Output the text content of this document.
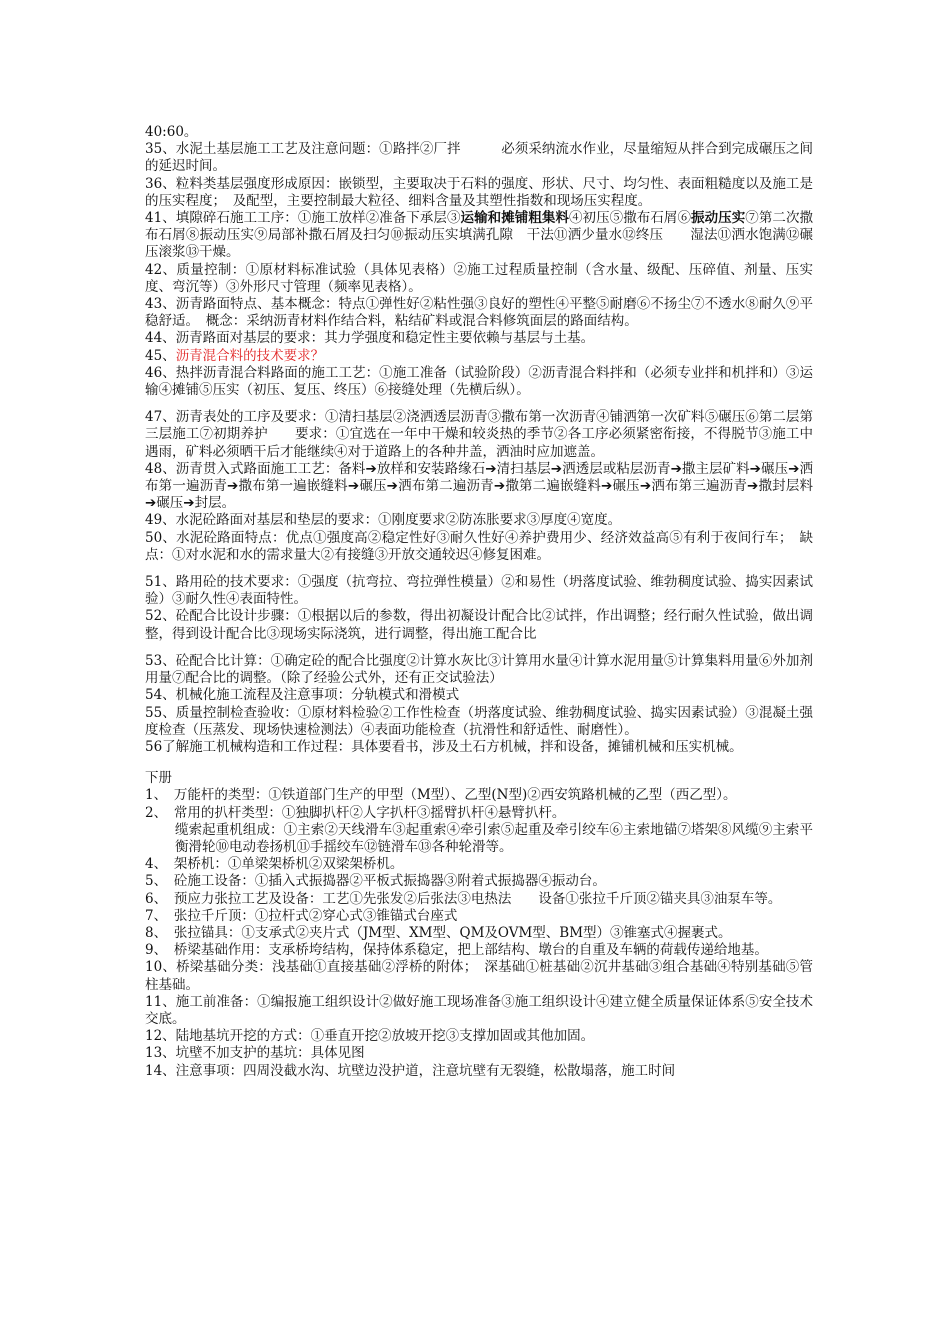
40:60。

35、水泥土基层施工工艺及注意问题：①路拌②厂拌　　　必须采纳流水作业，尽量缩短从拌合到完成碾压之间的延迟时间。

36、粒料类基层强度形成原因：嵌锁型，主要取决于石料的强度、形状、尺寸、均匀性、表面粗糙度以及施工是的压实程度；　及配型，主要控制最大粒径、细料含量及其塑性指数和现场压实程度。

41、填隙碎石施工工序：①施工放样②准备下承层③运输和摊铺粗集料④初压⑤撒布石屑⑥振动压实⑦第二次撒布石屑⑧振动压实⑨局部补撒石屑及扫匀⑩振动压实填满孔隙　干法⑪洒少量水⑫终压　　湿法⑪洒水饱满⑫碾压滚浆⑬干燥。

42、质量控制：①原材料标准试验（具体见表格）②施工过程质量控制（含水量、级配、压碎值、剂量、压实度、弯沉等）③外形尺寸管理（频率见表格）。

43、沥青路面特点、基本概念：特点①弹性好②粘性强③良好的塑性④平整⑤耐磨⑥不扬尘⑦不透水⑧耐久⑨平稳舒适。　概念：采纳沥青材料作结合料，粘结矿料或混合料修筑面层的路面结构。

44、沥青路面对基层的要求：其力学强度和稳定性主要依赖与基层与土基。

45、沥青混合料的技术要求？

46、热拌沥青混合料路面的施工工艺：①施工准备（试验阶段）②沥青混合料拌和（必须专业拌和机拌和）③运输④摊铺⑤压实（初压、复压、终压）⑥接缝处理（先横后纵）。

47、沥青表处的工序及要求：①清扫基层②浇洒透层沥青③撒布第一次沥青④铺洒第一次矿料⑤碾压⑥第二层第三层施工⑦初期养护　　要求：①宜选在一年中干燥和较炎热的季节②各工序必须紧密衔接，不得脱节③施工中遇雨，矿料必须晒干后才能继续④对于道路上的各种井盖，洒油时应加遮盖。

48、沥青贯入式路面施工工艺：备料➔放样和安装路缘石➔清扫基层➔洒透层或粘层沥青➔撒主层矿料➔碾压➔洒布第一遍沥青➔撒布第一遍嵌缝料➔碾压➔洒布第二遍沥青➔撒第二遍嵌缝料➔碾压➔洒布第三遍沥青➔撒封层料➔碾压➔封层。

49、水泥砼路面对基层和垫层的要求：①刚度要求②防冻胀要求③厚度④宽度。

50、水泥砼路面特点：优点①强度高②稳定性好③耐久性好④养护费用少、经济效益高⑤有利于夜间行车；　缺点：①对水泥和水的需求量大②有接缝③开放交通较迟④修复困难。

51、路用砼的技术要求：①强度（抗弯拉、弯拉弹性模量）②和易性（坍落度试验、维勃稠度试验、捣实因素试验）③耐久性④表面特性。

52、砼配合比设计步骤：①根据以后的参数，得出初凝设计配合比②试拌，作出调整；经行耐久性试验，做出调整，得到设计配合比③现场实际浇筑，进行调整，得出施工配合比

53、砼配合比计算：①确定砼的配合比强度②计算水灰比③计算用水量④计算水泥用量⑤计算集料用量⑥外加剂用量⑦配合比的调整。（除了经验公式外，还有正交试验法）

54、机械化施工流程及注意事项：分轨模式和滑模式

55、质量控制检查验收：①原材料检验②工作性检查（坍落度试验、维勃稠度试验、捣实因素试验）③混凝土强度检查（压蒸发、现场快速检测法）④表面功能检查（抗滑性和舒适性、耐磨性）。

56了解施工机械构造和工作过程：具体要看书，涉及土石方机械，拌和设备，摊铺机械和压实机械。

下册

1、　万能杆的类型：①铁道部门生产的甲型（M型）、乙型(N型)②西安筑路机械的乙型（西乙型）。

2、　常用的扒杆类型：①独脚扒杆②人字扒杆③摇臂扒杆④悬臂扒杆。

缆索起重机组成：①主索②天线滑车③起重索④牵引索⑤起重及牵引绞车⑥主索地锚⑦塔架⑧风缆⑨主索平衡滑轮⑩电动卷扬机⑪手摇绞车⑫链滑车⑬各种轮滑等。

4、　架桥机：①单梁架桥机②双梁架桥机。

5、　砼施工设备：①插入式振捣器②平板式振捣器③附着式振捣器④振动台。

6、　预应力张拉工艺及设备：工艺①先张发②后张法③电热法　　设备①张拉千斤顶②锚夹具③油泵车等。

7、　张拉千斤顶：①拉杆式②穿心式③锥锚式台座式

8、　张拉锚具：①支承式②夹片式（JM型、XM型、QM及OVM型、BM型）③锥塞式④握裹式。

9、　桥梁基础作用：支承桥垮结构，保持体系稳定，把上部结构、墩台的自重及车辆的荷载传递给地基。

10、桥梁基础分类：浅基础①直接基础②浮桥的附体；　深基础①桩基础②沉井基础③组合基础④特别基础⑤管柱基础。

11、施工前准备：①编报施工组织设计②做好施工现场准备③施工组织设计④建立健全质量保证体系⑤安全技术交底。

12、陆地基坑开挖的方式：①垂直开挖②放坡开挖③支撑加固或其他加固。

13、坑壁不加支护的基坑：具体见图

14、注意事项：四周没截水沟、坑壁边没护道，注意坑壁有无裂缝，松散塌落，施工时间
